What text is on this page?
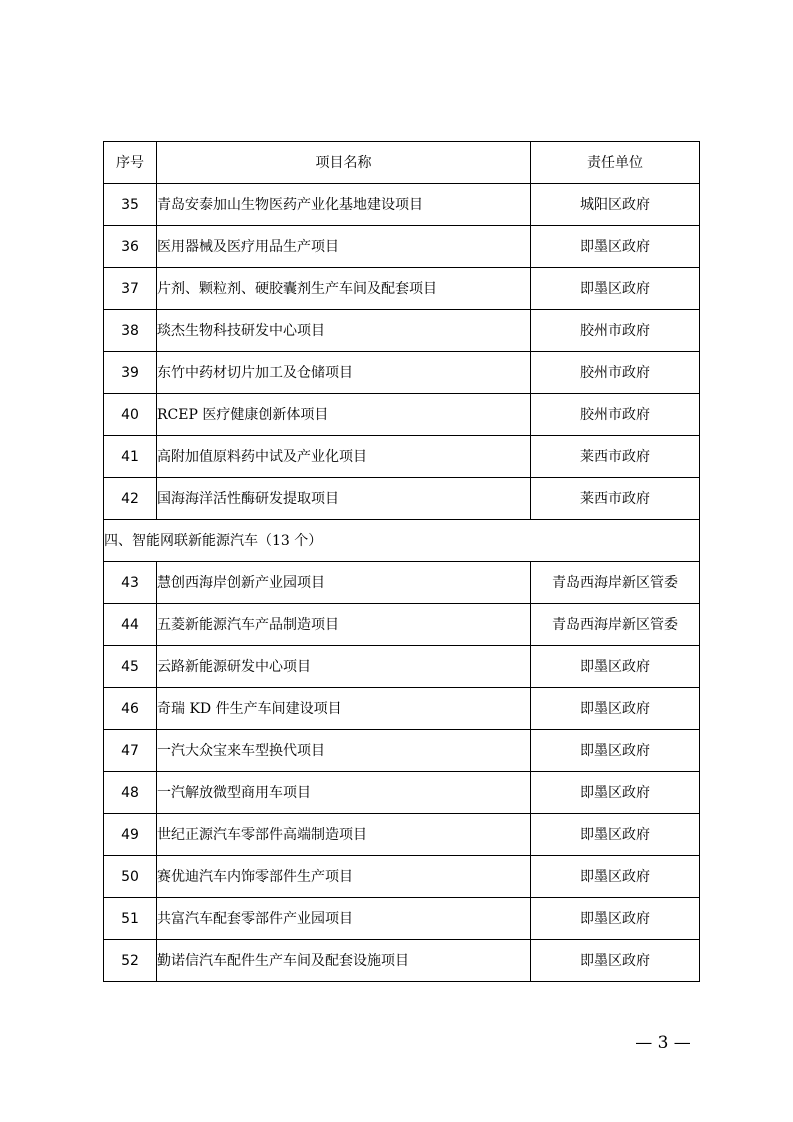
序号	项目名称	责任单位
35	青岛安泰加山生物医药产业化基地建设项目	城阳区政府
36	医用器械及医疗用品生产项目	即墨区政府
37	片剂、颗粒剂、硬胶囊剂生产车间及配套项目	即墨区政府
38	琰杰生物科技研发中心项目	胶州市政府
39	东竹中药材切片加工及仓储项目	胶州市政府
40	RCEP 医疗健康创新体项目	胶州市政府
41	高附加值原料药中试及产业化项目	莱西市政府
42	国海海洋活性酶研发提取项目	莱西市政府
四、智能网联新能源汽车（13 个）		
43	慧创西海岸创新产业园项目	青岛西海岸新区管委
44	五菱新能源汽车产品制造项目	青岛西海岸新区管委
45	云路新能源研发中心项目	即墨区政府
46	奇瑞 KD 件生产车间建设项目	即墨区政府
47	一汽大众宝来车型换代项目	即墨区政府
48	一汽解放微型商用车项目	即墨区政府
49	世纪正源汽车零部件高端制造项目	即墨区政府
50	赛优迪汽车内饰零部件生产项目	即墨区政府
51	共富汽车配套零部件产业园项目	即墨区政府
52	勤诺信汽车配件生产车间及配套设施项目	即墨区政府
— 3 —
